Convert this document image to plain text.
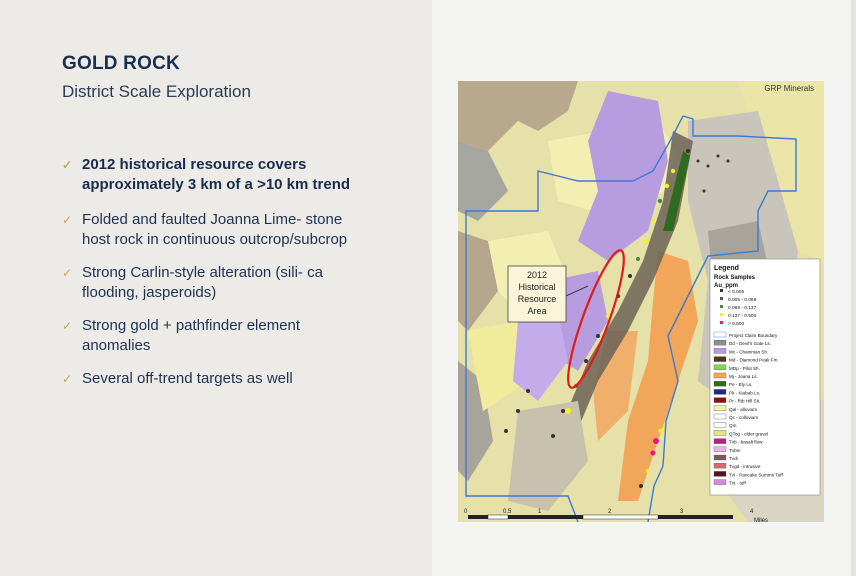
GOLD ROCK
District Scale Exploration
✓ 2012 historical resource covers approximately 3 km of a >10 km trend
✓ Folded and faulted Joanna Lime- stone host rock in continuous outcrop/subcrop
✓ Strong Carlin-style alteration (sili- ca flooding, jasperoids)
✓ Strong gold + pathfinder element anomalies
✓ Several off-trend targets as well
2012
Historical
Resource
Area
GRP Minerals
Legend
Rock Samples
Au_ppm
< 0.005
0.005 - 0.069
0.069 - 0.137
0.137 - 0.500
> 0.500
Project Claim Boundary
Dd - Devil's Gate Ls.
Mc - Chainman Sh.
Md - Diamond Peak Fm.
MDp - Pilot Sh.
Mj - Joana Ls.
Pe - Ely Ls.
Pk - Kiabab Ls.
Pr - Rib Hill SIt.
Qal - alluvium
Qc - colluvium
Qm
QTog - older gravel
Tvb - basalt flow
Tvbm
Tvdi
Tvgd - intrusive
Tvl - Pancake Summit Tuff
Tvt - tuff
0	0.5	1	2	3	4
Miles
